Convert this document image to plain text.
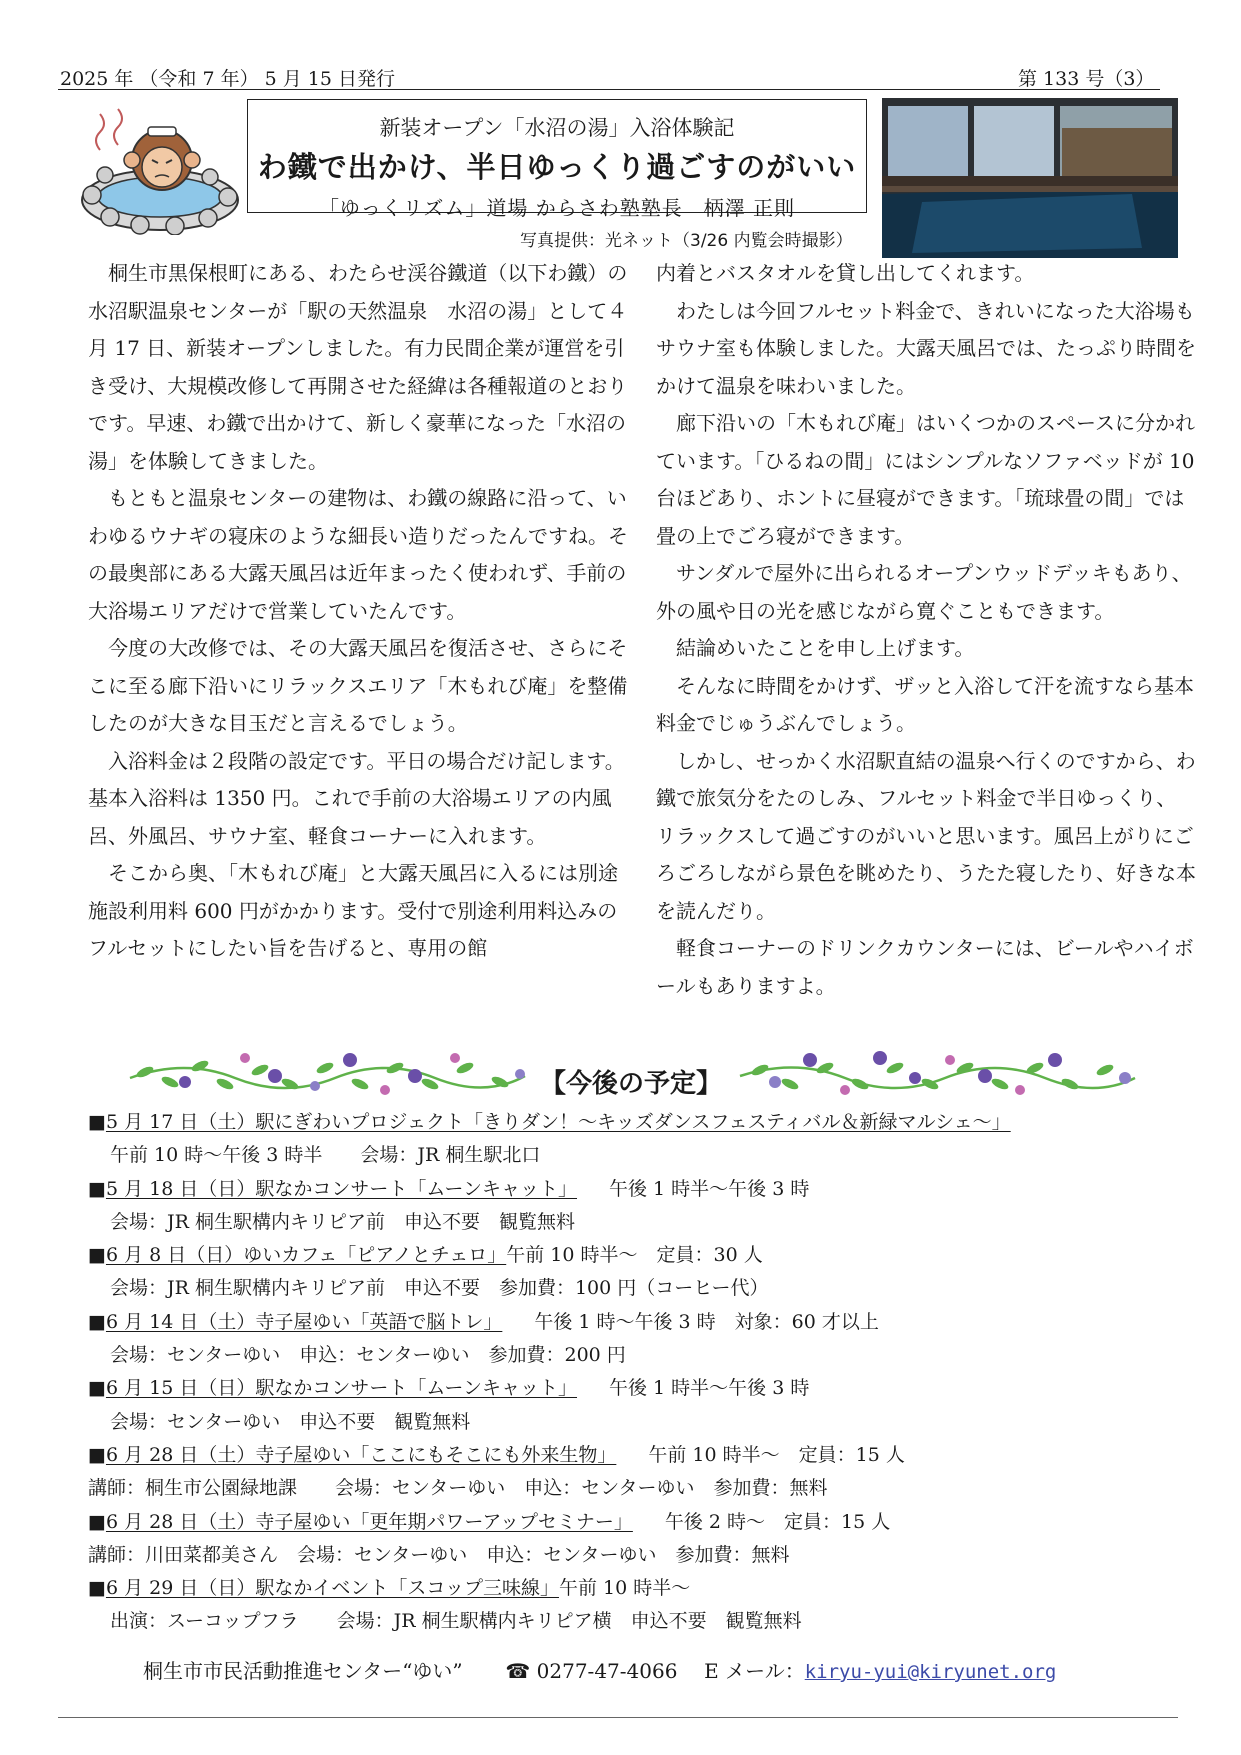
2025 年 （令和 7 年） 5 月 15 日発行	第 133 号（3）
新装オープン「水沼の湯」入浴体験記
わ鐵で出かけ、半日ゆっくり過ごすのがいい
「ゆっくリズム」道場 からさわ塾塾長　柄澤 正則
写真提供：光ネット（3/26 内覧会時撮影）

桐生市黒保根町にある、わたらせ渓谷鐵道（以下わ鐵）の水沼駅温泉センターが「駅の天然温泉　水沼の湯」として４月 17 日、新装オープンしました。有力民間企業が運営を引き受け、大規模改修して再開させた経緯は各種報道のとおりです。早速、わ鐵で出かけて、新しく豪華になった「水沼の湯」を体験してきました。

もともと温泉センターの建物は、わ鐵の線路に沿って、いわゆるウナギの寝床のような細長い造りだったんですね。その最奥部にある大露天風呂は近年まったく使われず、手前の大浴場エリアだけで営業していたんです。

今度の大改修では、その大露天風呂を復活させ、さらにそこに至る廊下沿いにリラックスエリア「木もれび庵」を整備したのが大きな目玉だと言えるでしょう。

入浴料金は２段階の設定です。平日の場合だけ記します。基本入浴料は 1350 円。これで手前の大浴場エリアの内風呂、外風呂、サウナ室、軽食コーナーに入れます。

そこから奥、「木もれび庵」と大露天風呂に入るには別途施設利用料 600 円がかかります。受付で別途利用料込みのフルセットにしたい旨を告げると、専用の館

内着とバスタオルを貸し出してくれます。

わたしは今回フルセット料金で、きれいになった大浴場もサウナ室も体験しました。大露天風呂では、たっぷり時間をかけて温泉を味わいました。

廊下沿いの「木もれび庵」はいくつかのスペースに分かれています。「ひるねの間」にはシンプルなソファベッドが 10 台ほどあり、ホントに昼寝ができます。「琉球畳の間」では畳の上でごろ寝ができます。

サンダルで屋外に出られるオープンウッドデッキもあり、外の風や日の光を感じながら寛ぐこともできます。

結論めいたことを申し上げます。

そんなに時間をかけず、ザッと入浴して汗を流すなら基本料金でじゅうぶんでしょう。

しかし、せっかく水沼駅直結の温泉へ行くのですから、わ鐵で旅気分をたのしみ、フルセット料金で半日ゆっくり、リラックスして過ごすのがいいと思います。風呂上がりにごろごろしながら景色を眺めたり、うたた寝したり、好きな本を読んだり。

軽食コーナーのドリンクカウンターには、ビールやハイボールもありますよ。

【今後の予定】
■5 月 17 日（土）駅にぎわいプロジェクト「きりダン！～キッズダンスフェスティバル＆新緑マルシェ～」
午前 10 時～午後 3 時半　　会場：JR 桐生駅北口
■5 月 18 日（日）駅なかコンサート「ムーンキャット」 午後 1 時半～午後 3 時
会場：JR 桐生駅構内キリピア前　申込不要　観覧無料
■6 月 8 日（日）ゆいカフェ「ピアノとチェロ」午前 10 時半～　定員：30 人
会場：JR 桐生駅構内キリピア前　申込不要　参加費：100 円（コーヒー代）
■6 月 14 日（土）寺子屋ゆい「英語で脳トレ」 午後 1 時～午後 3 時　対象：60 才以上
会場：センターゆい　申込：センターゆい　参加費：200 円
■6 月 15 日（日）駅なかコンサート「ムーンキャット」 午後 1 時半～午後 3 時
会場：センターゆい　申込不要　観覧無料
■6 月 28 日（土）寺子屋ゆい「ここにもそこにも外来生物」 午前 10 時半～　定員：15 人
講師：桐生市公園緑地課　　会場：センターゆい　申込：センターゆい　参加費：無料
■6 月 28 日（土）寺子屋ゆい「更年期パワーアップセミナー」 午後 2 時～　定員：15 人
講師：川田菜都美さん　会場：センターゆい　申込：センターゆい　参加費：無料
■6 月 29 日（日）駅なかイベント「スコップ三味線」午前 10 時半～
出演：スーコップフラ　　会場：JR 桐生駅構内キリピア横　申込不要　観覧無料
桐生市市民活動推進センター“ゆい” ☎ 0277-47-4066 E メール：kiryu-yui@kiryunet.org
